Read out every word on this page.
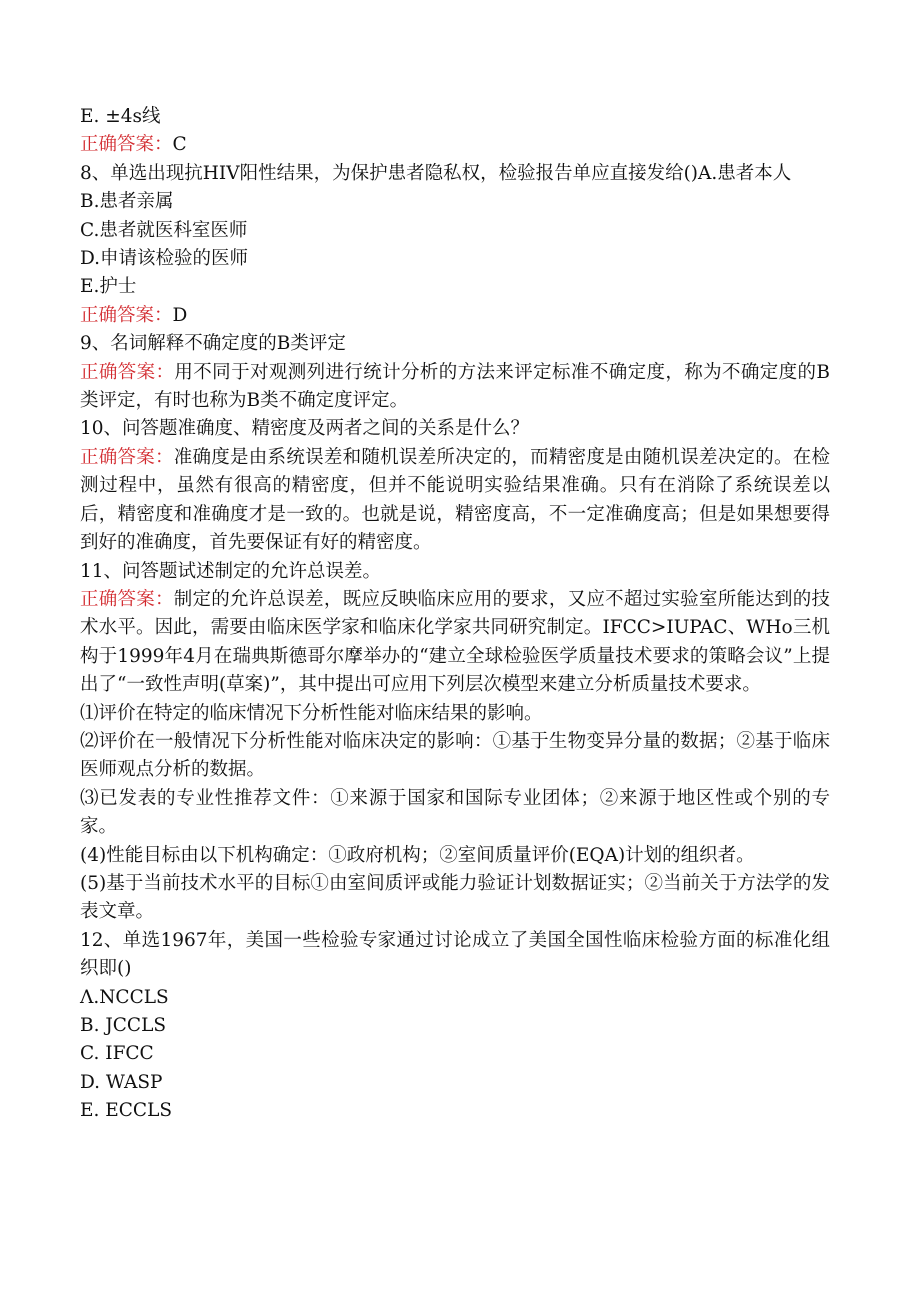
E. ±4s线
正确答案：C
8、单选出现抗HIV阳性结果，为保护患者隐私权，检验报告单应直接发给()A.患者本人
B.患者亲属
C.患者就医科室医师
D.申请该检验的医师
E.护士
正确答案：D
9、名词解释不确定度的B类评定
正确答案：用不同于对观测列进行统计分析的方法来评定标准不确定度，称为不确定度的B类评定，有时也称为B类不确定度评定。
10、问答题准确度、精密度及两者之间的关系是什么？
正确答案：准确度是由系统误差和随机误差所决定的，而精密度是由随机误差决定的。在检测过程中，虽然有很高的精密度，但并不能说明实验结果准确。只有在消除了系统误差以后，精密度和准确度才是一致的。也就是说，精密度高，不一定准确度高；但是如果想要得到好的准确度，首先要保证有好的精密度。
11、问答题试述制定的允许总误差。
正确答案：制定的允许总误差，既应反映临床应用的要求，又应不超过实验室所能达到的技术水平。因此，需要由临床医学家和临床化学家共同研究制定。IFCC>IUPAC、WHo三机构于1999年4月在瑞典斯德哥尔摩举办的“建立全球检验医学质量技术要求的策略会议”上提出了“一致性声明(草案)”，其中提出可应用下列层次模型来建立分析质量技术要求。
⑴评价在特定的临床情况下分析性能对临床结果的影响。
⑵评价在一般情况下分析性能对临床决定的影响：①基于生物变异分量的数据；②基于临床医师观点分析的数据。
⑶已发表的专业性推荐文件：①来源于国家和国际专业团体；②来源于地区性或个别的专家。
(4)性能目标由以下机构确定：①政府机构；②室间质量评价(EQA)计划的组织者。
(5)基于当前技术水平的目标①由室间质评或能力验证计划数据证实；②当前关于方法学的发表文章。
12、单选1967年，美国一些检验专家通过讨论成立了美国全国性临床检验方面的标准化组织即()
Λ.NCCLS
B. JCCLS
C. IFCC
D. WASP
E. ECCLS
